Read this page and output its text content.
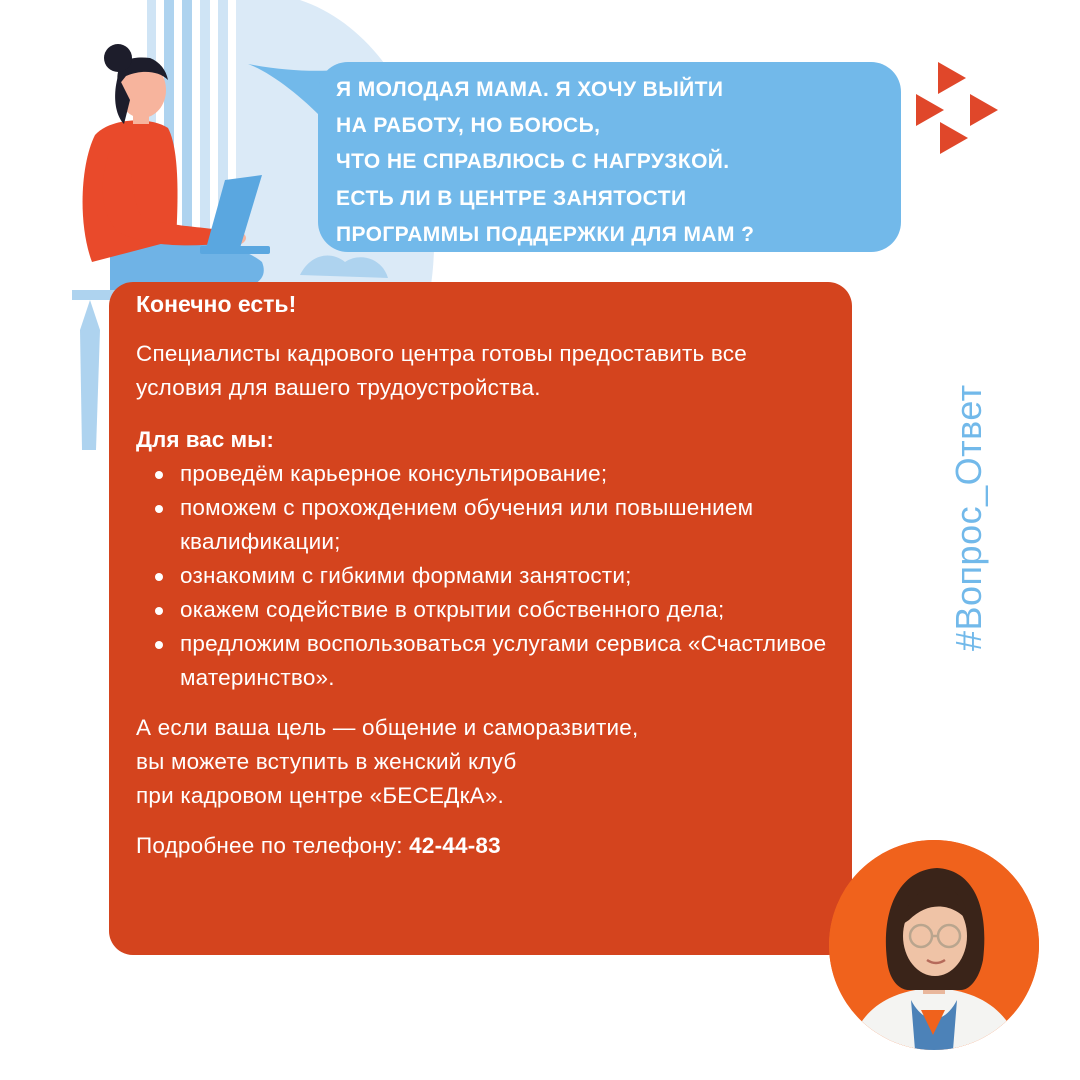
Я МОЛОДАЯ МАМА. Я ХОЧУ ВЫЙТИ
НА РАБОТУ, НО БОЮСЬ,
ЧТО НЕ СПРАВЛЮСЬ С НАГРУЗКОЙ.
ЕСТЬ ЛИ В ЦЕНТРЕ ЗАНЯТОСТИ
ПРОГРАММЫ ПОДДЕРЖКИ ДЛЯ МАМ ?

Конечно есть!

Специалисты кадрового центра готовы предоставить все условия для вашего трудоустройства.

Для вас мы:

проведём карьерное консультирование;
поможем с прохождением обучения или повышением квалификации;
ознакомим с гибкими формами занятости;
окажем содействие в открытии собственного дела;
предложим воспользоваться услугами сервиса «Счастливое материнство».

А если ваша цель — общение и саморазвитие,
вы можете вступить в женский клуб
при кадровом центре «БЕСЕДкА».

Подробнее по телефону: 42-44-83

#Вопрос_Ответ
